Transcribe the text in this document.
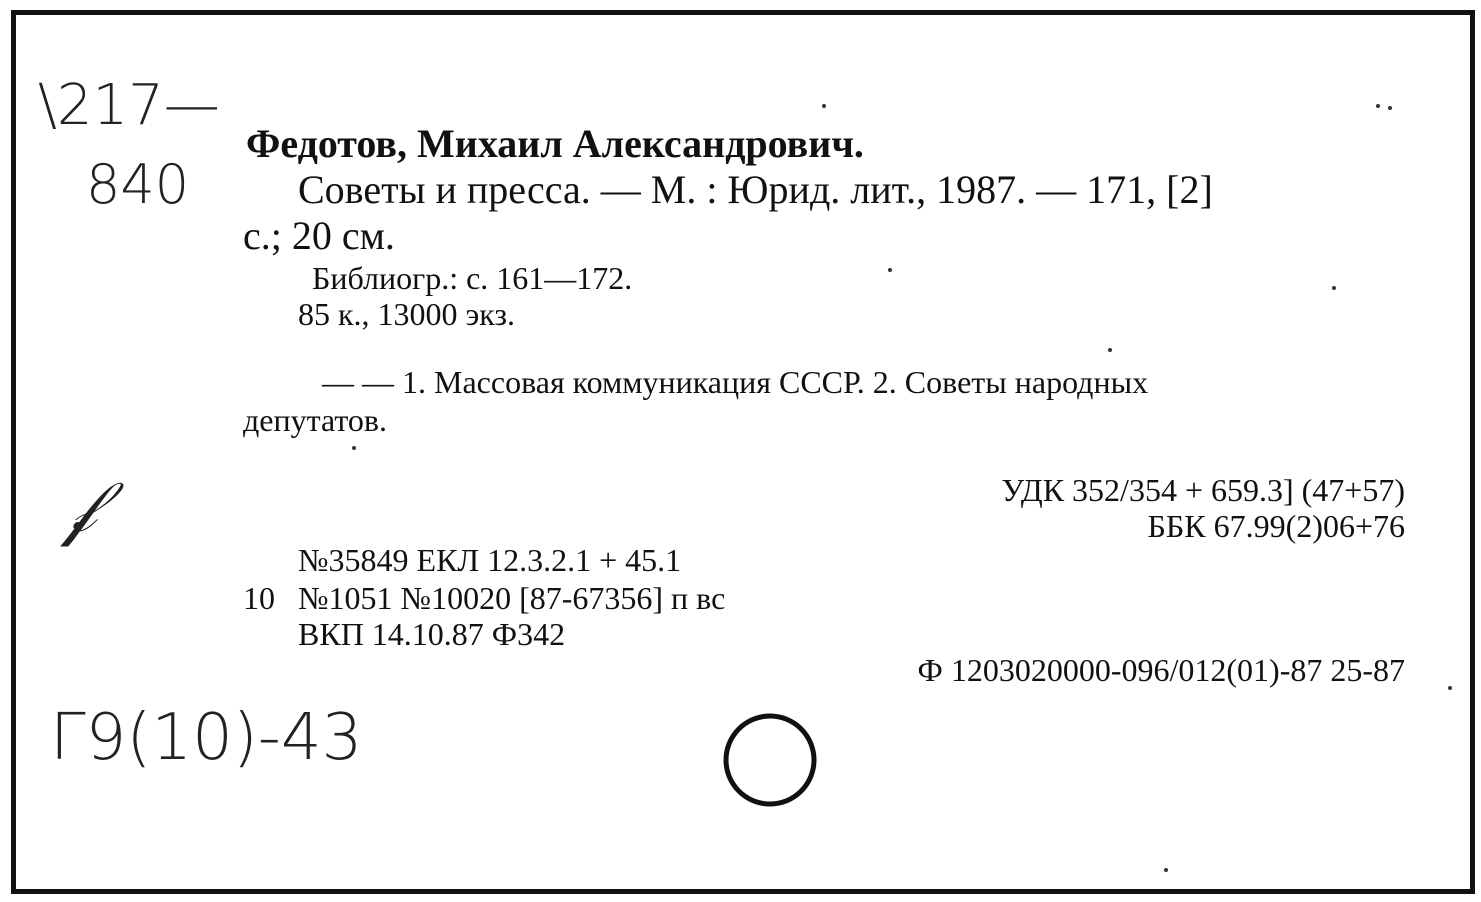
\217—
840
𝒻
Г9(10)-43
Федотов, Михаил Александрович.
Советы и пресса. — М. : Юрид. лит., 1987. — 171, [2]
с.; 20 см.
Библиогр.: с. 161—172.
85 к., 13000 экз.
— — 1. Массовая коммуникация СССР. 2. Советы народных
депутатов.
УДК 352/354 + 659.3] (47+57)
ББК 67.99(2)06+76
№35849 ЕКЛ 12.3.2.1 + 45.1
10 №1051 №10020 [87-67356] п вс
ВКП 14.10.87 Ф342
Ф 1203020000-096/012(01)-87 25-87
